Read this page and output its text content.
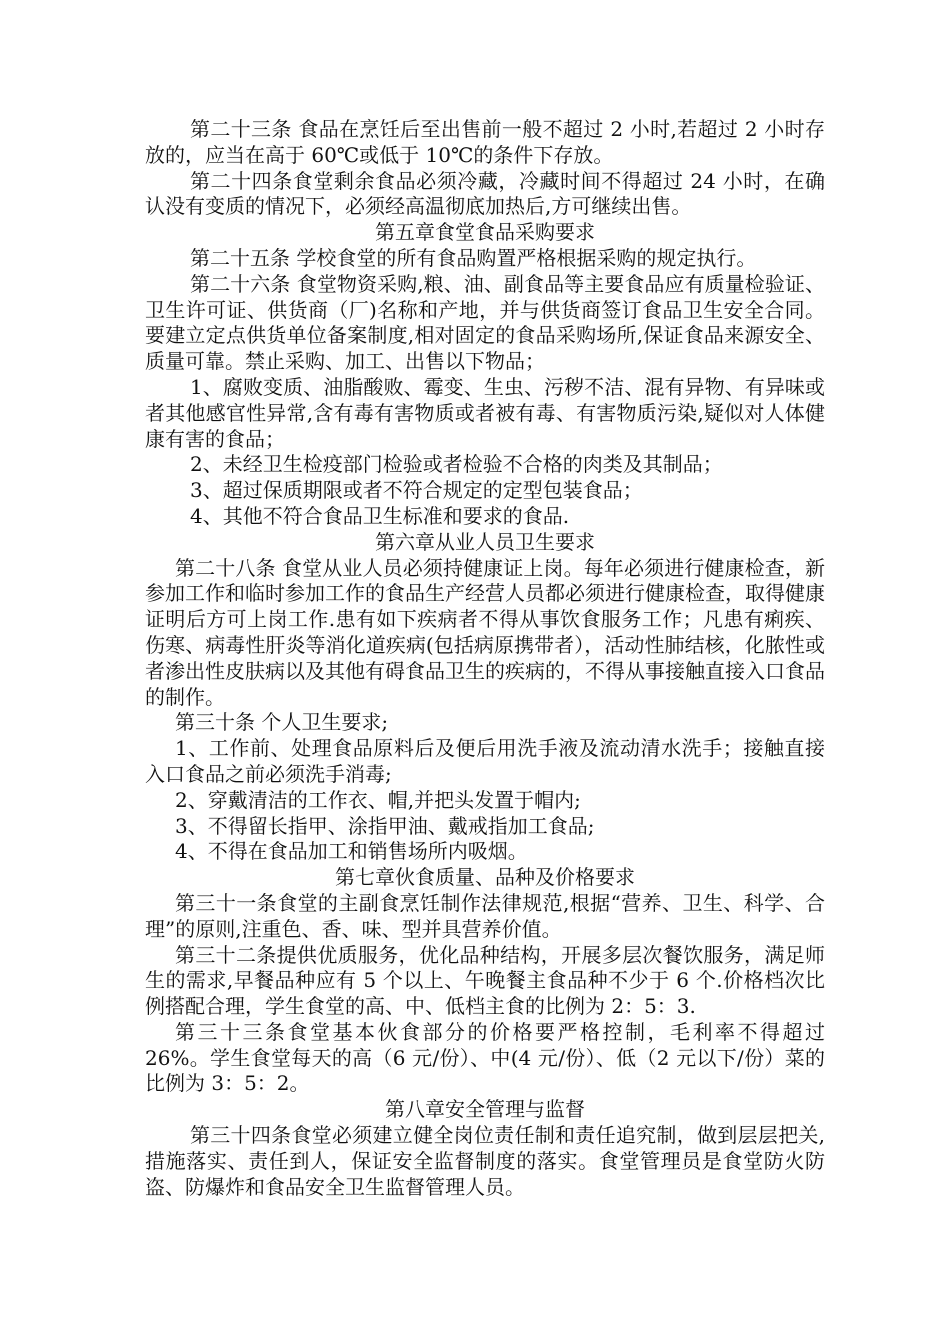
第二十三条 食品在烹饪后至出售前一般不超过 2 小时,若超过 2 小时存放的，应当在高于 60℃或低于 10℃的条件下存放。
第二十四条食堂剩余食品必须冷藏，冷藏时间不得超过 24 小时，在确认没有变质的情况下，必须经高温彻底加热后,方可继续出售。
第五章食堂食品采购要求
第二十五条 学校食堂的所有食品购置严格根据采购的规定执行。
第二十六条 食堂物资采购,粮、油、副食品等主要食品应有质量检验证、卫生许可证、供货商（厂)名称和产地，并与供货商签订食品卫生安全合同。要建立定点供货单位备案制度,相对固定的食品采购场所,保证食品来源安全、质量可靠。禁止采购、加工、出售以下物品；
1、腐败变质、油脂酸败、霉变、生虫、污秽不洁、混有异物、有异味或者其他感官性异常,含有毒有害物质或者被有毒、有害物质污染,疑似对人体健康有害的食品；
2、未经卫生检疫部门检验或者检验不合格的肉类及其制品；
3、超过保质期限或者不符合规定的定型包装食品；
4、其他不符合食品卫生标准和要求的食品.
第六章从业人员卫生要求
第二十八条 食堂从业人员必须持健康证上岗。每年必须进行健康检查，新参加工作和临时参加工作的食品生产经营人员都必须进行健康检查，取得健康证明后方可上岗工作.患有如下疾病者不得从事饮食服务工作；凡患有痢疾、伤寒、病毒性肝炎等消化道疾病(包括病原携带者），活动性肺结核，化脓性或者渗出性皮肤病以及其他有碍食品卫生的疾病的，不得从事接触直接入口食品的制作。
第三十条 个人卫生要求;
1、工作前、处理食品原料后及便后用洗手液及流动清水洗手；接触直接入口食品之前必须洗手消毒;
2、穿戴清洁的工作衣、帽,并把头发置于帽内;
3、不得留长指甲、涂指甲油、戴戒指加工食品;
4、不得在食品加工和销售场所内吸烟。
第七章伙食质量、品种及价格要求
第三十一条食堂的主副食烹饪制作法律规范,根据“营养、卫生、科学、合理”的原则,注重色、香、味、型并具营养价值。
第三十二条提供优质服务，优化品种结构，开展多层次餐饮服务，满足师生的需求,早餐品种应有 5 个以上、午晚餐主食品种不少于 6 个.价格档次比例搭配合理，学生食堂的高、中、低档主食的比例为 2：5：3.
第三十三条食堂基本伙食部分的价格要严格控制，毛利率不得超过 26%。学生食堂每天的高（6 元/份）、中(4 元/份）、低（2 元以下/份）菜的比例为 3：5：2。
第八章安全管理与监督
第三十四条食堂必须建立健全岗位责任制和责任追究制，做到层层把关,措施落实、责任到人，保证安全监督制度的落实。食堂管理员是食堂防火防盗、防爆炸和食品安全卫生监督管理人员。
